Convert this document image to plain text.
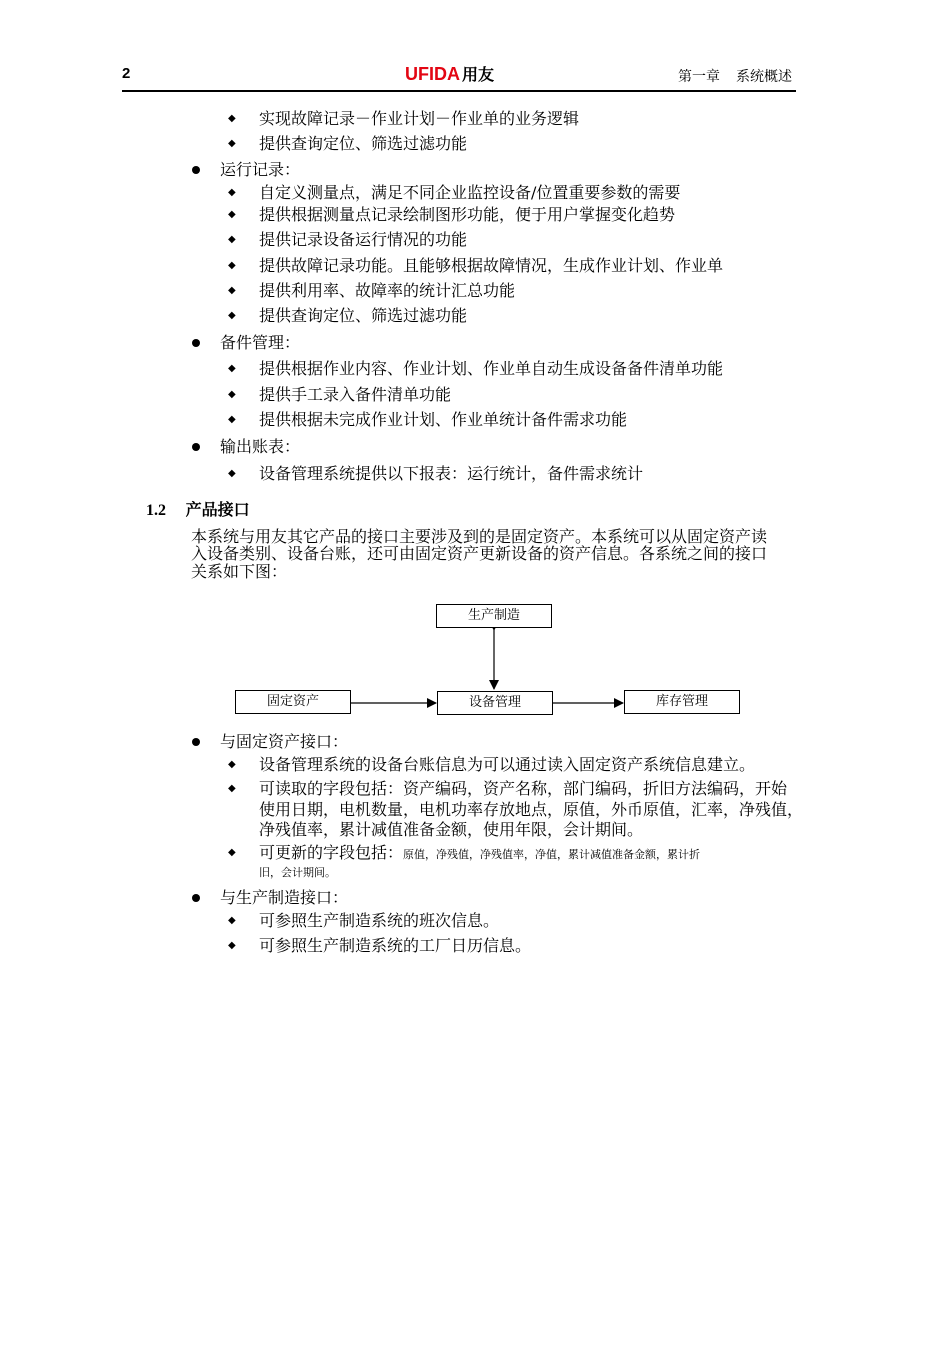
2	UFIDA 用友	第一章 系统概述
◆ 实现故障记录－作业计划－作业单的业务逻辑
◆ 提供查询定位、筛选过滤功能
运行记录：
◆ 自定义测量点，满足不同企业监控设备/位置重要参数的需要
◆ 提供根据测量点记录绘制图形功能，便于用户掌握变化趋势
◆ 提供记录设备运行情况的功能
◆ 提供故障记录功能。且能够根据故障情况，生成作业计划、作业单
◆ 提供利用率、故障率的统计汇总功能
◆ 提供查询定位、筛选过滤功能
备件管理：
◆ 提供根据作业内容、作业计划、作业单自动生成设备备件清单功能
◆ 提供手工录入备件清单功能
◆ 提供根据未完成作业计划、作业单统计备件需求功能
输出账表：
◆ 设备管理系统提供以下报表：运行统计，备件需求统计
1.2 产品接口
本系统与用友其它产品的接口主要涉及到的是固定资产。本系统可以从固定资产读
入设备类别、设备台账，还可由固定资产更新设备的资产信息。各系统之间的接口
关系如下图：
生产制造
固定资产	设备管理	库存管理
与固定资产接口：
◆ 设备管理系统的设备台账信息为可以通过读入固定资产系统信息建立。
◆ 可读取的字段包括：资产编码，资产名称，部门编码，折旧方法编码，开始
使用日期，电机数量，电机功率存放地点，原值，外币原值，汇率，净残值，
净残值率，累计减值准备金额，使用年限，会计期间。
◆ 可更新的字段包括：原值，净残值，净残值率，净值，累计减值准备金额，累计折
旧，会计期间。
与生产制造接口：
◆ 可参照生产制造系统的班次信息。
◆ 可参照生产制造系统的工厂日历信息。
